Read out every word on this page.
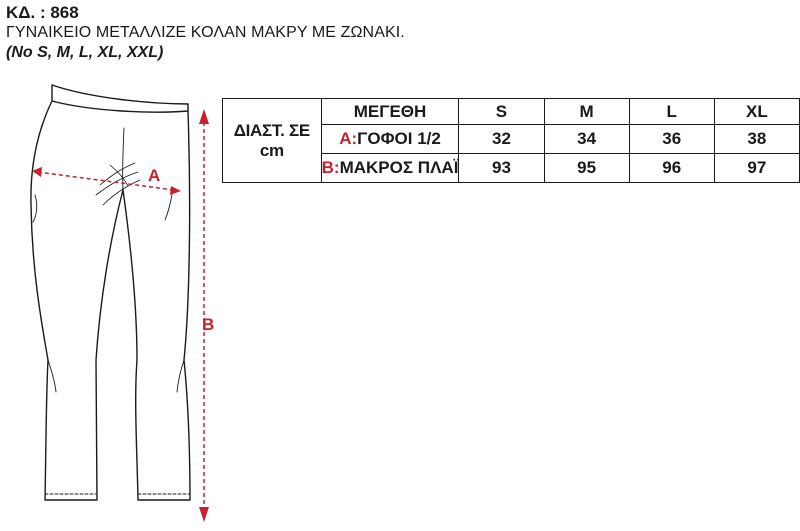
ΚΔ. : 868
ΓΥΝΑΙΚΕΙΟ ΜΕΤΑΛΛΙΖΕ ΚΟΛΑΝ ΜΑΚΡΥ ΜΕ ΖΩΝΑΚΙ.
(No S, M, L, XL, XXL)
A
B
ΔΙΑΣΤ. ΣΕ cm	ΜΕΓΕΘΗ	S	M	L	XL
	A:ΓΟΦΟΙ 1/2	32	34	36	38
	B:ΜΑΚΡΟΣ ΠΛΑΪ	93	95	96	97
